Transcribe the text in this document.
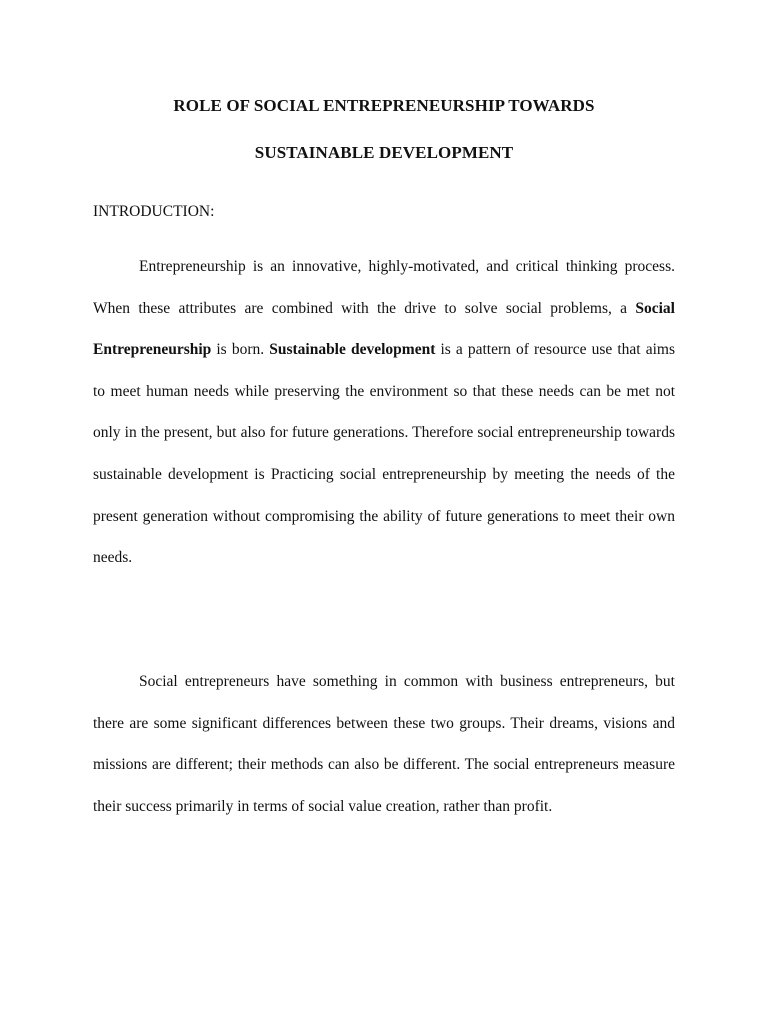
ROLE OF SOCIAL ENTREPRENEURSHIP TOWARDS
SUSTAINABLE DEVELOPMENT
INTRODUCTION:

Entrepreneurship is an innovative, highly-motivated, and critical thinking process. When these attributes are combined with the drive to solve social problems, a Social Entrepreneurship is born. Sustainable development is a pattern of resource use that aims to meet human needs while preserving the environment so that these needs can be met not only in the present, but also for future generations. Therefore social entrepreneurship towards sustainable development is Practicing social entrepreneurship by meeting the needs of the present generation without compromising the ability of future generations to meet their own needs.

Social entrepreneurs have something in common with business entrepreneurs, but there are some significant differences between these two groups. Their dreams, visions and missions are different; their methods can also be different. The social entrepreneurs measure their success primarily in terms of social value creation, rather than profit.
